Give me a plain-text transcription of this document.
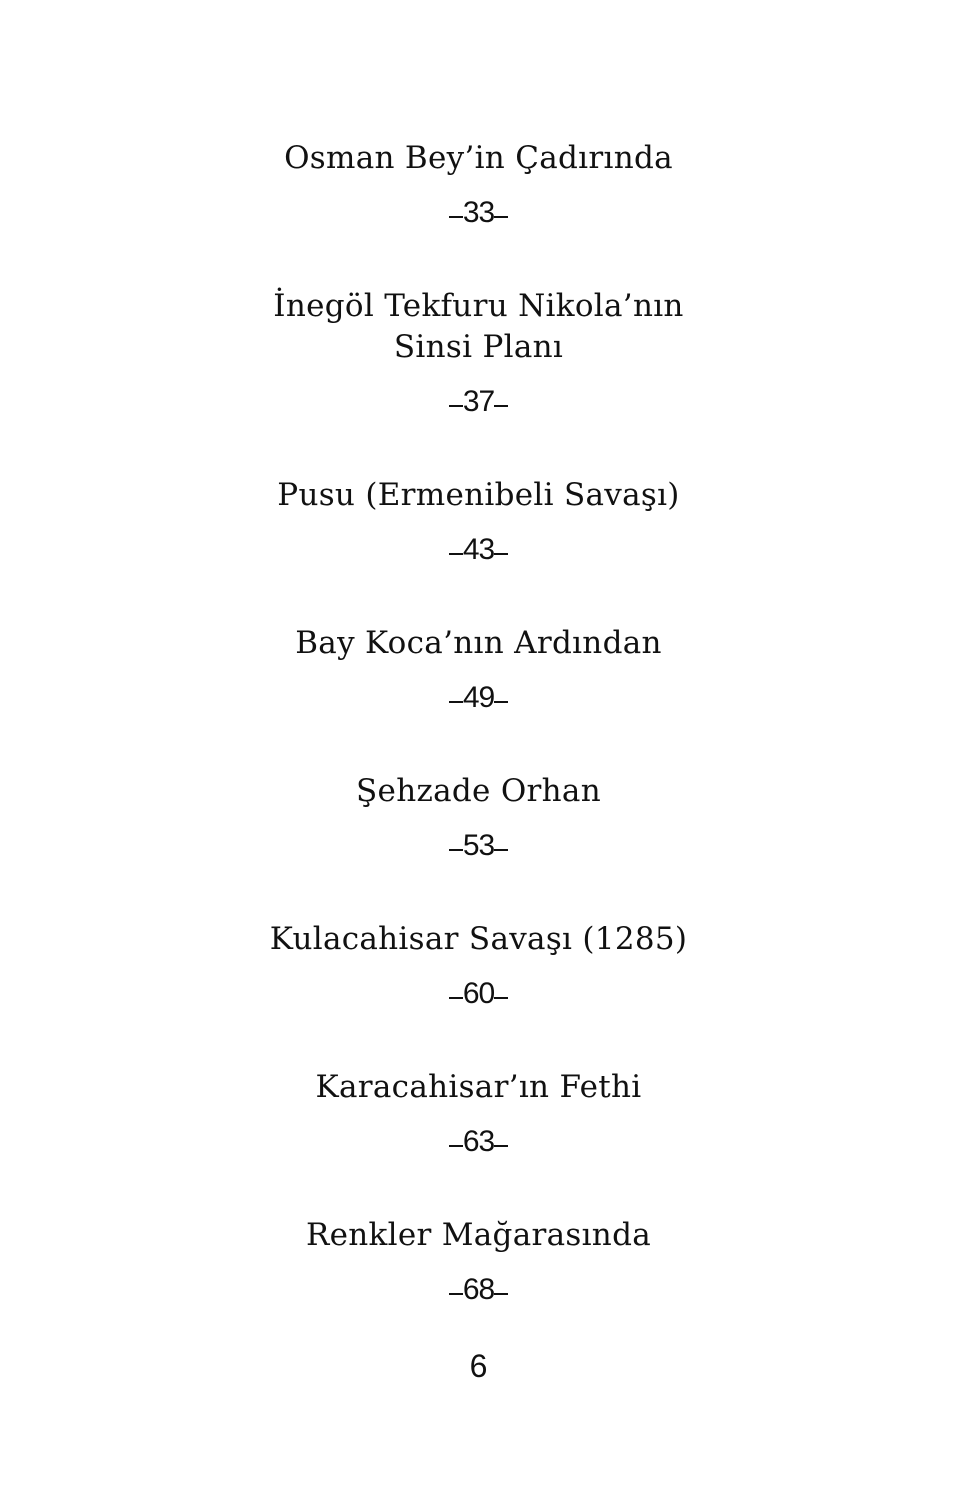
Osman Bey’in Çadırında
33
İnegöl Tekfuru Nikola’nın
Sinsi Planı
37
Pusu (Ermenibeli Savaşı)
43
Bay Koca’nın Ardından
49
Şehzade Orhan
53
Kulacahisar Savaşı (1285)
60
Karacahisar’ın Fethi
63
Renkler Mağarasında
68
6
